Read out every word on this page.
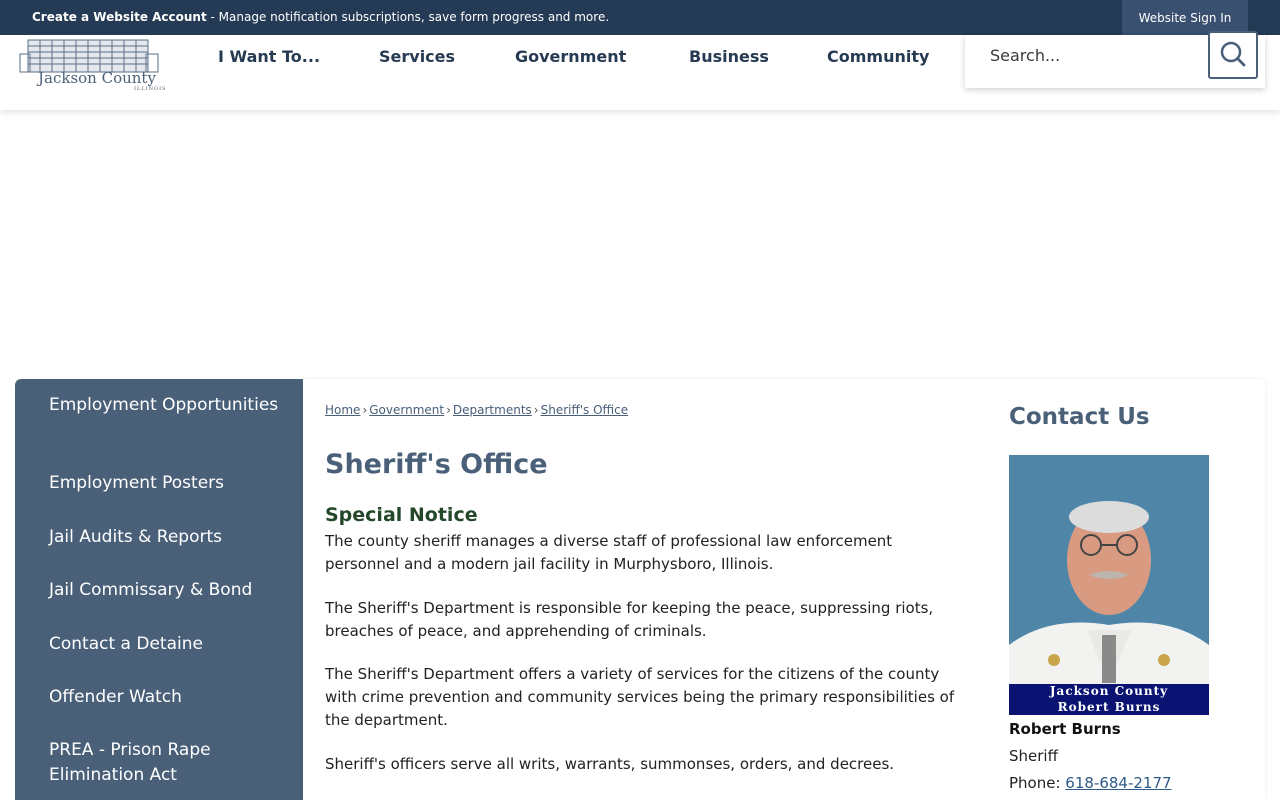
Create a Website Account - Manage notification subscriptions, save form progress and more.	Website Sign In
Jackson County
ILLINOIS
I Want To...	Services	Government	Business	Community	Search...
Employment Opportunities
Employment Posters
Jail Audits & Reports
Jail Commissary & Bond
Contact a Detaine
Offender Watch
PREA - Prison Rape Elimination Act
Home › Government › Departments › Sheriff's Office
Sheriff's Office
Special Notice
The county sheriff manages a diverse staff of professional law enforcement personnel and a modern jail facility in Murphysboro, Illinois.
The Sheriff's Department is responsible for keeping the peace, suppressing riots, breaches of peace, and apprehending of criminals.
The Sheriff's Department offers a variety of services for the citizens of the county with crime prevention and community services being the primary responsibilities of the department.
Sheriff's officers serve all writs, warrants, summonses, orders, and decrees.
Contact Us
Jackson County
Robert Burns
Robert Burns
Sheriff
Phone: 618-684-2177
